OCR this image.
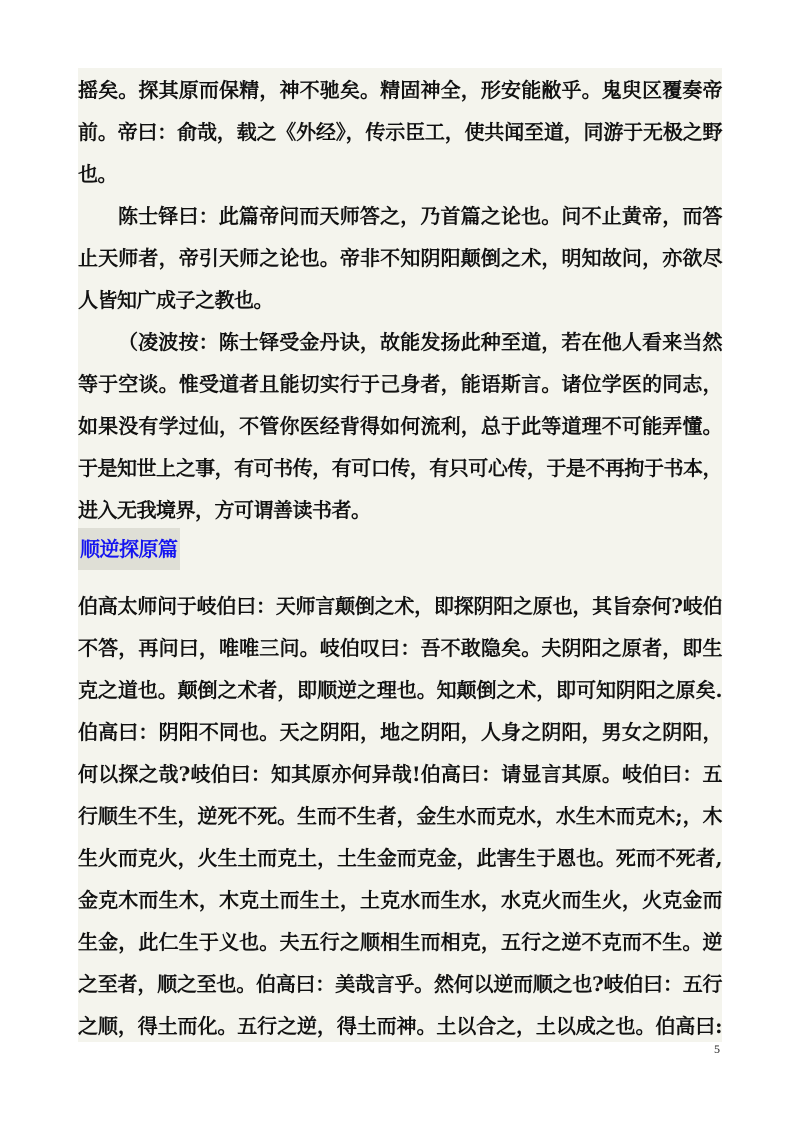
摇矣。探其原而保精，神不驰矣。精固神全，形安能敝乎。鬼臾区覆奏帝
前。帝曰：俞哉，载之《外经》，传示臣工，使共闻至道，同游于无极之野
也。
陈士铎曰：此篇帝问而天师答之，乃首篇之论也。问不止黄帝，而答
止天师者，帝引天师之论也。帝非不知阴阳颠倒之术，明知故问，亦欲尽
人皆知广成子之教也。
（凌波按：陈士铎受金丹诀，故能发扬此种至道，若在他人看来当然
等于空谈。惟受道者且能切实行于己身者，能语斯言。诸位学医的同志，
如果没有学过仙，不管你医经背得如何流利，总于此等道理不可能弄懂。
于是知世上之事，有可书传，有可口传，有只可心传，于是不再拘于书本，
进入无我境界，方可谓善读书者。
顺逆探原篇
伯高太师问于岐伯曰：天师言颠倒之术，即探阴阳之原也，其旨奈何?岐伯
不答，再问曰，唯唯三问。岐伯叹曰：吾不敢隐矣。夫阴阳之原者，即生
克之道也。颠倒之术者，即顺逆之理也。知颠倒之术，即可知阴阳之原矣.
伯高曰：阴阳不同也。天之阴阳，地之阴阳，人身之阴阳，男女之阴阳，
何以探之哉?岐伯曰：知其原亦何异哉!伯高曰：请显言其原。岐伯曰：五
行顺生不生，逆死不死。生而不生者，金生水而克水，水生木而克木;，木
生火而克火，火生土而克土，土生金而克金，此害生于恩也。死而不死者,
金克木而生木，木克土而生土，土克水而生水，水克火而生火，火克金而
生金，此仁生于义也。夫五行之顺相生而相克，五行之逆不克而不生。逆
之至者，顺之至也。伯高曰：美哉言乎。然何以逆而顺之也?岐伯曰：五行
之顺，得土而化。五行之逆，得土而神。土以合之，土以成之也。伯高曰:
5
